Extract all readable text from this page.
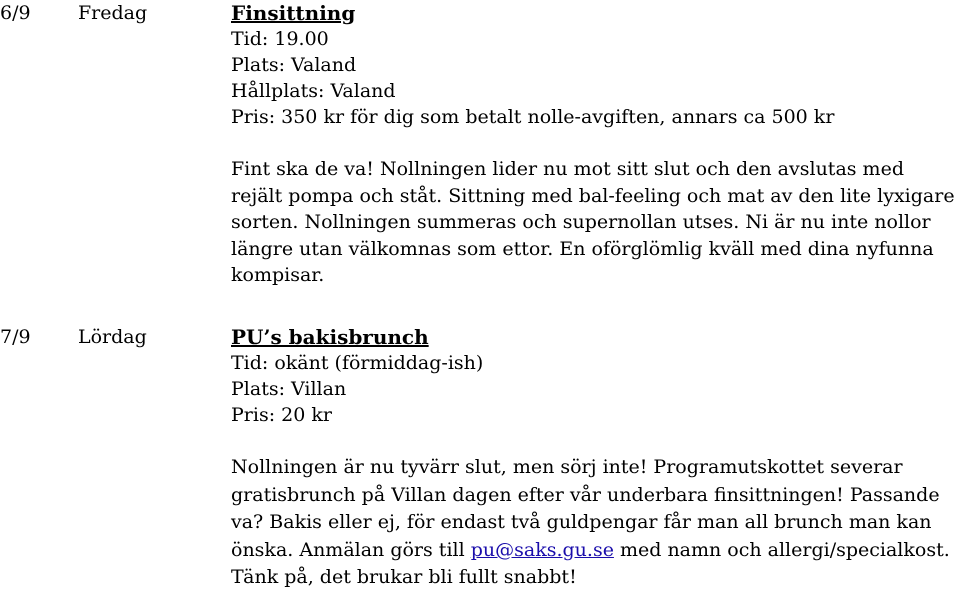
6/9 Fredag	Finsittning
Tid: 19.00
Plats: Valand
Hållplats: Valand
Pris: 350 kr för dig som betalt nolle-avgiften, annars ca 500 kr
Fint ska de va! Nollningen lider nu mot sitt slut och den avslutas med rejält pompa och ståt. Sittning med bal-feeling och mat av den lite lyxigare sorten. Nollningen summeras och supernollan utses. Ni är nu inte nollor längre utan välkomnas som ettor. En oförglömlig kväll med dina nyfunna kompisar.
7/9 Lördag	PU’s bakisbrunch
Tid: okänt (förmiddag-ish)
Plats: Villan
Pris: 20 kr
Nollningen är nu tyvärr slut, men sörj inte! Programutskottet severar gratisbrunch på Villan dagen efter vår underbara finsittningen! Passande va? Bakis eller ej, för endast två guldpengar får man all brunch man kan önska. Anmälan görs till pu@saks.gu.se med namn och allergi/specialkost. Tänk på, det brukar bli fullt snabbt!
